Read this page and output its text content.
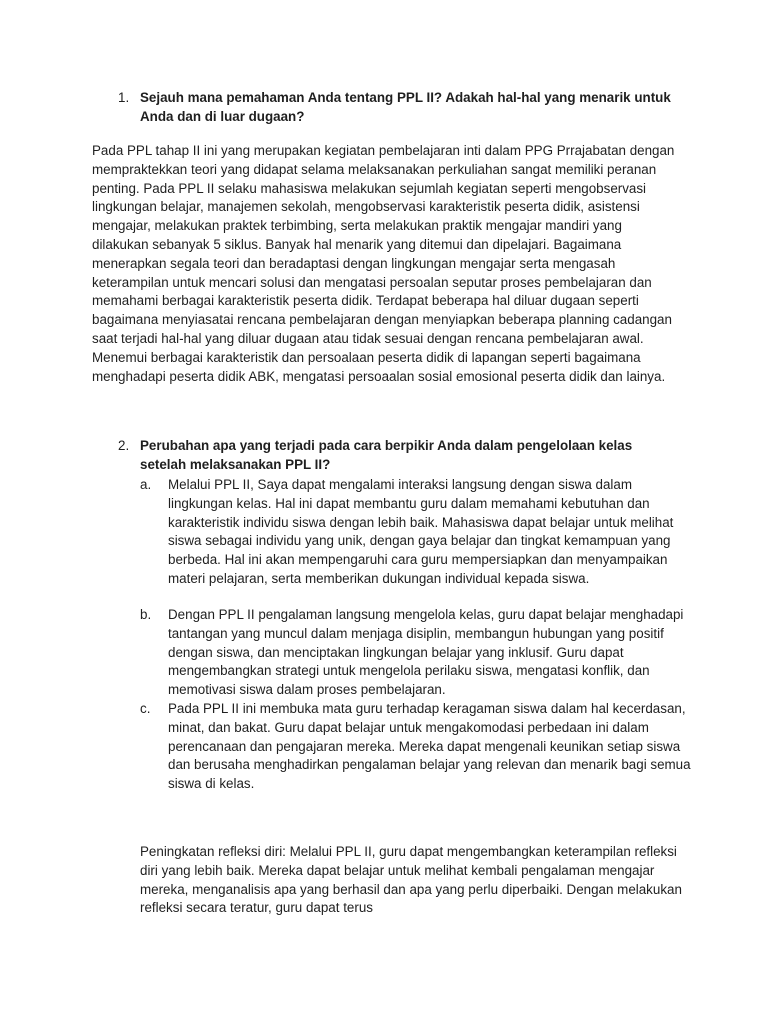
1. Sejauh mana pemahaman Anda tentang PPL II? Adakah hal-hal yang menarik untuk Anda dan di luar dugaan?

Pada PPL tahap II ini yang merupakan kegiatan pembelajaran inti dalam PPG Prrajabatan dengan mempraktekkan teori yang didapat selama melaksanakan perkuliahan sangat memiliki peranan penting. Pada PPL II selaku mahasiswa melakukan sejumlah kegiatan seperti mengobservasi lingkungan belajar, manajemen sekolah, mengobservasi karakteristik peserta didik, asistensi mengajar, melakukan praktek terbimbing, serta melakukan praktik mengajar mandiri yang dilakukan sebanyak 5 siklus. Banyak hal menarik yang ditemui dan dipelajari. Bagaimana menerapkan segala teori dan beradaptasi dengan lingkungan mengajar serta mengasah keterampilan untuk mencari solusi dan mengatasi persoalan seputar proses pembelajaran dan memahami berbagai karakteristik peserta didik. Terdapat beberapa hal diluar dugaan seperti bagaimana menyiasatai rencana pembelajaran dengan menyiapkan beberapa planning cadangan saat terjadi hal-hal yang diluar dugaan atau tidak sesuai dengan rencana pembelajaran awal. Menemui berbagai karakteristik dan persoalaan peserta didik di lapangan seperti bagaimana menghadapi peserta didik ABK, mengatasi persoaalan sosial emosional peserta didik dan lainya.

2. Perubahan apa yang terjadi pada cara berpikir Anda dalam pengelolaan kelas setelah melaksanakan PPL II?
a. Melalui PPL II, Saya dapat mengalami interaksi langsung dengan siswa dalam lingkungan kelas. Hal ini dapat membantu guru dalam memahami kebutuhan dan karakteristik individu siswa dengan lebih baik. Mahasiswa dapat belajar untuk melihat siswa sebagai individu yang unik, dengan gaya belajar dan tingkat kemampuan yang berbeda. Hal ini akan mempengaruhi cara guru mempersiapkan dan menyampaikan materi pelajaran, serta memberikan dukungan individual kepada siswa.

b. Dengan PPL II pengalaman langsung mengelola kelas, guru dapat belajar menghadapi tantangan yang muncul dalam menjaga disiplin, membangun hubungan yang positif dengan siswa, dan menciptakan lingkungan belajar yang inklusif. Guru dapat mengembangkan strategi untuk mengelola perilaku siswa, mengatasi konflik, dan memotivasi siswa dalam proses pembelajaran.

c. Pada PPL II ini membuka mata guru terhadap keragaman siswa dalam hal kecerdasan, minat, dan bakat. Guru dapat belajar untuk mengakomodasi perbedaan ini dalam perencanaan dan pengajaran mereka. Mereka dapat mengenali keunikan setiap siswa dan berusaha menghadirkan pengalaman belajar yang relevan dan menarik bagi semua siswa di kelas.

Peningkatan refleksi diri: Melalui PPL II, guru dapat mengembangkan keterampilan refleksi diri yang lebih baik. Mereka dapat belajar untuk melihat kembali pengalaman mengajar mereka, menganalisis apa yang berhasil dan apa yang perlu diperbaiki. Dengan melakukan refleksi secara teratur, guru dapat terus
